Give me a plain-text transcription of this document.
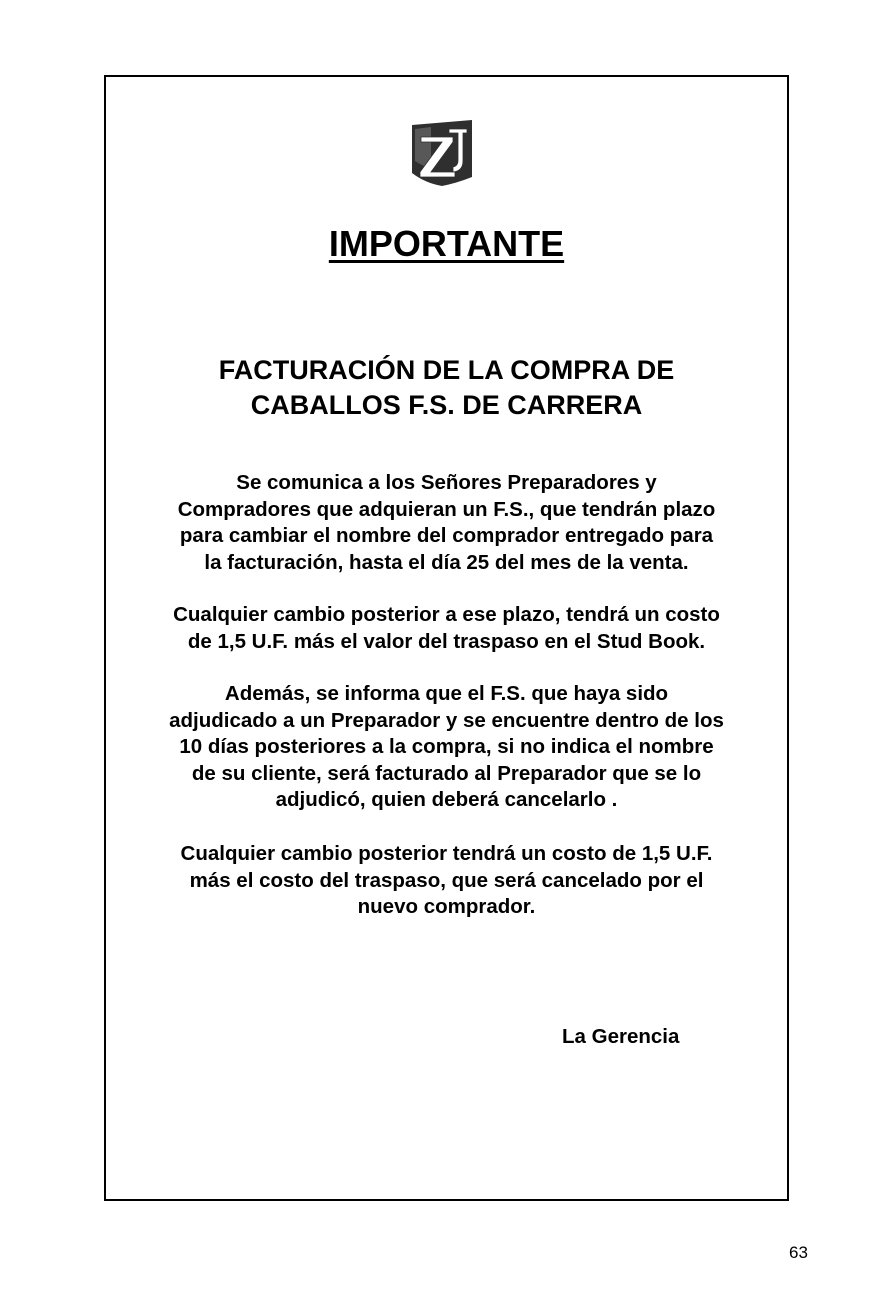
IMPORTANTE
FACTURACIÓN DE LA COMPRA DE
CABALLOS F.S. DE CARRERA

Se comunica a los Señores Preparadores y
Compradores que adquieran un F.S., que tendrán plazo
para cambiar el nombre del comprador entregado para
la facturación, hasta el día 25 del mes de la venta.

Cualquier cambio posterior a ese plazo, tendrá un costo
de 1,5 U.F. más el valor del traspaso en el Stud Book.

Además, se informa que el F.S. que haya sido
adjudicado a un Preparador y se encuentre dentro de los
10 días posteriores a la compra, si no indica el nombre
de su cliente, será facturado al Preparador que se lo
adjudicó, quien deberá cancelarlo .

Cualquier cambio posterior tendrá un costo de 1,5 U.F.
más el costo del traspaso, que será cancelado por el
nuevo comprador.

La Gerencia

63
